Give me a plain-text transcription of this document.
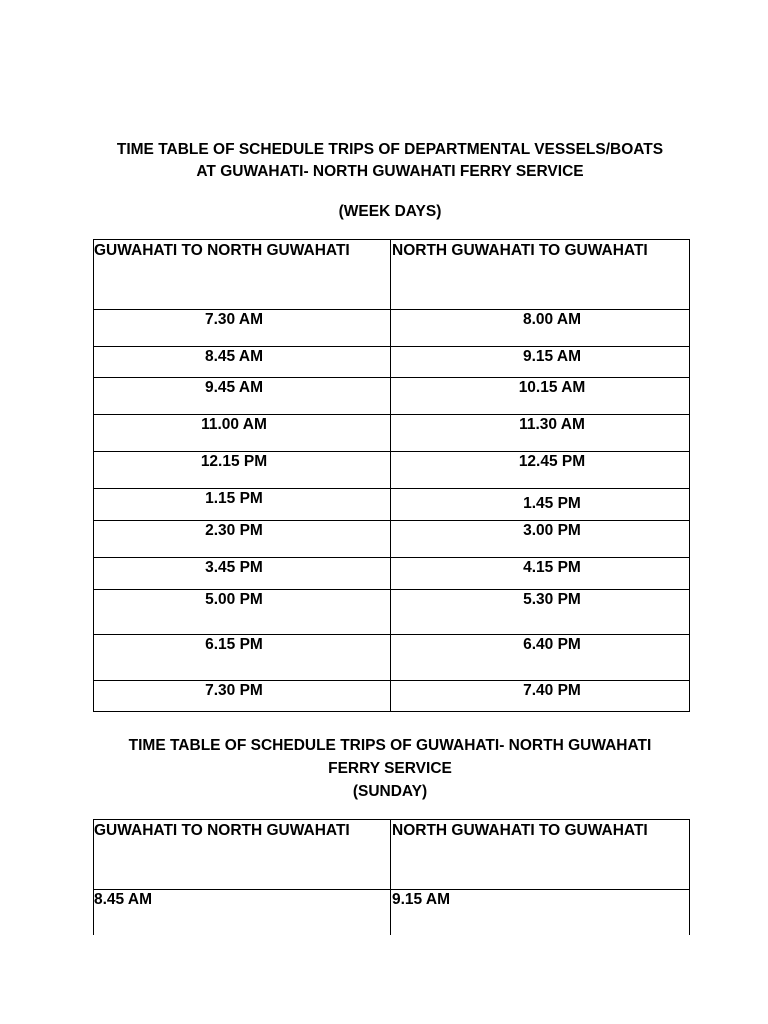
TIME TABLE OF SCHEDULE TRIPS OF DEPARTMENTAL VESSELS/BOATS

AT GUWAHATI- NORTH GUWAHATI FERRY SERVICE

(WEEK DAYS)

GUWAHATI TO NORTH GUWAHATI	NORTH GUWAHATI TO GUWAHATI

7.30 AM	8.00 AM

8.45 AM	9.15 AM

9.45 AM	10.15 AM

11.00 AM	11.30 AM

12.15 PM	12.45 PM

1.15 PM	1.45 PM

2.30 PM	3.00 PM

3.45 PM	4.15 PM

5.00 PM	5.30 PM

6.15 PM	6.40 PM

7.30 PM	7.40 PM

TIME TABLE OF SCHEDULE TRIPS OF GUWAHATI- NORTH GUWAHATI

FERRY SERVICE

(SUNDAY)

GUWAHATI TO NORTH GUWAHATI	NORTH GUWAHATI TO GUWAHATI

8.45 AM	9.15 AM
